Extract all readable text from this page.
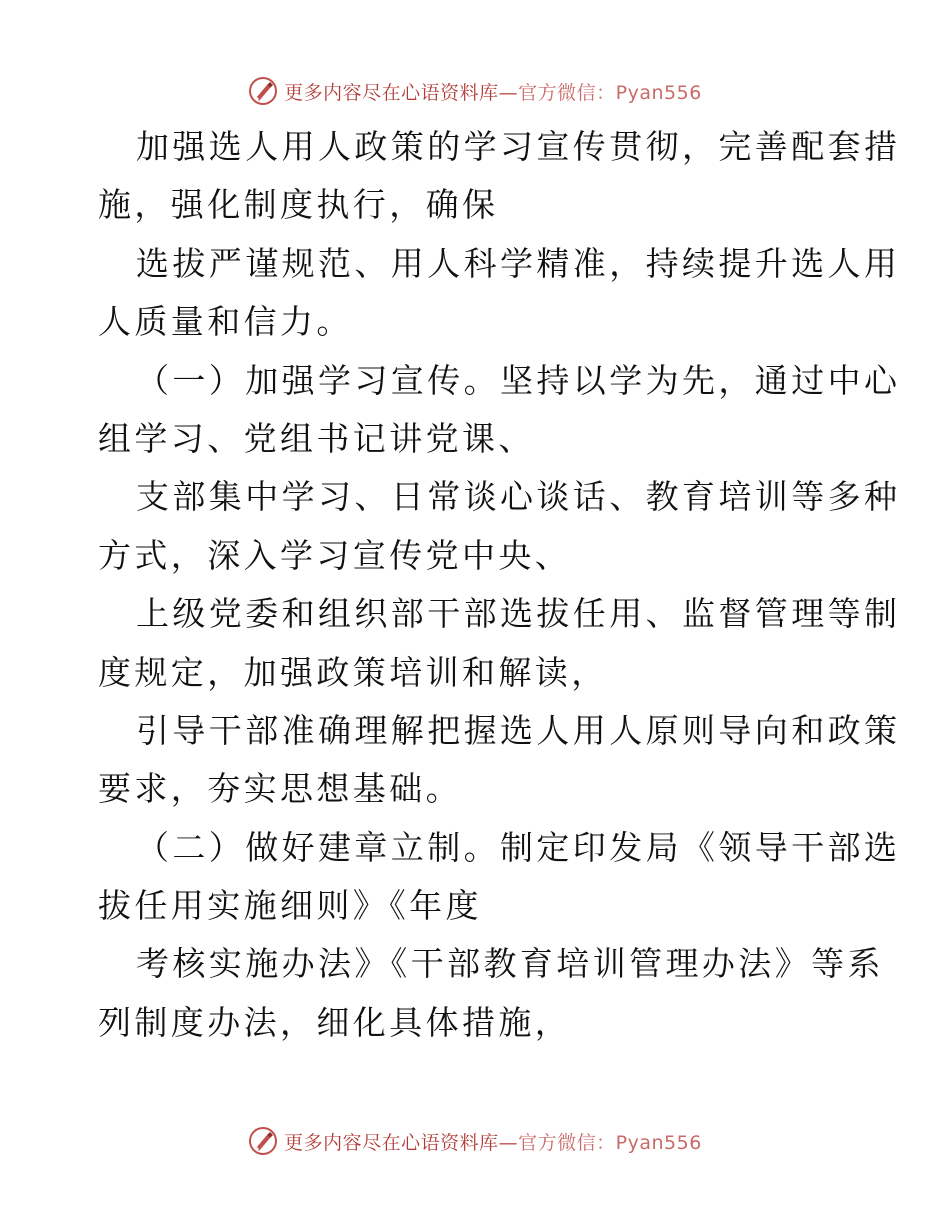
更多内容尽在心语资料库—官方微信：Pyan556
加强选人用人政策的学习宣传贯彻，完善配套措
施，强化制度执行，确保
选拔严谨规范、用人科学精准，持续提升选人用
人质量和信力。
（一）加强学习宣传。坚持以学为先，通过中心
组学习、党组书记讲党课、
支部集中学习、日常谈心谈话、教育培训等多种
方式，深入学习宣传党中央、
上级党委和组织部干部选拔任用、监督管理等制
度规定，加强政策培训和解读，
引导干部准确理解把握选人用人原则导向和政策
要求，夯实思想基础。
（二）做好建章立制。制定印发局《领导干部选
拔任用实施细则》《年度
考核实施办法》《干部教育培训管理办法》等系
列制度办法，细化具体措施，
更多内容尽在心语资料库—官方微信：Pyan556
